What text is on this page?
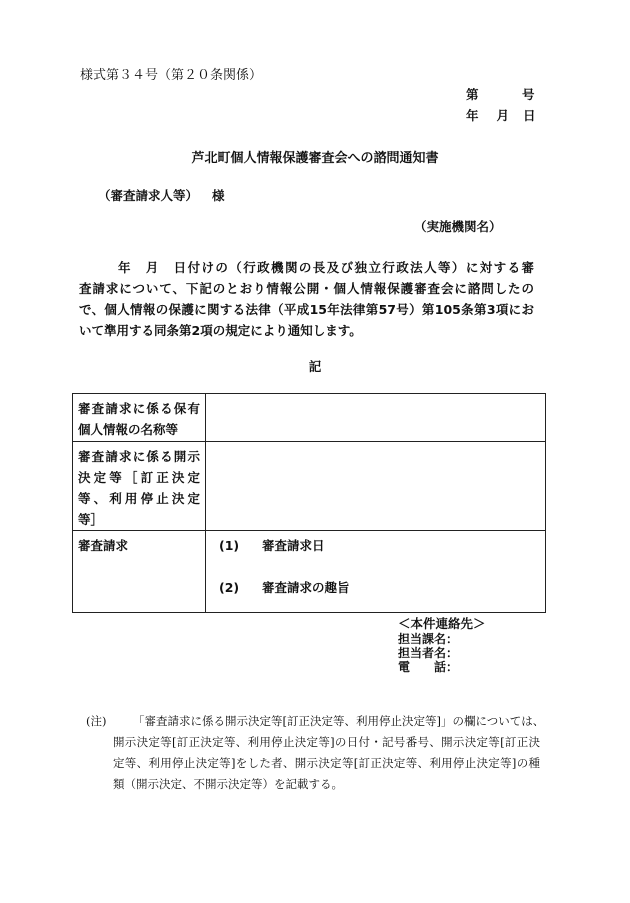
様式第３４号（第２０条関係）
第	号
年 月 日
芦北町個人情報保護審査会への諮問通知書
（審査請求人等） 様
（実施機関名）
年　月　日付けの（行政機関の長及び独立行政法人等）に対する審
査請求について、下記のとおり情報公開・個人情報保護審査会に諮問したの
で、個人情報の保護に関する法律（平成15年法律第57号）第105条第3項にお
いて準用する同条第2項の規定により通知します。
記
審査請求に係る保有
個人情報の名称等	

審査請求に係る開示
決定等［訂正決定
等、利用停止決定
等］	

審査請求	(1) 審査請求日
(2) 審査請求の趣旨
＜本件連絡先＞
担当課名：
担当者名：
電話：
(注) 「審査請求に係る開示決定等[訂正決定等、利用停止決定等]」の欄については、
開示決定等[訂正決定等、利用停止決定等]の日付・記号番号、開示決定等[訂正決
定等、利用停止決定等]をした者、開示決定等[訂正決定等、利用停止決定等]の種
類（開示決定、不開示決定等）を記載する。
